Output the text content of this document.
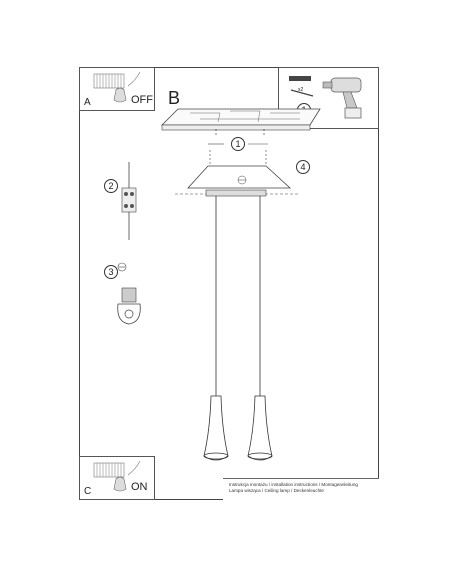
A	OFF B	x2
1
4
2
3
C	ON	Instrukcja montażu / installation instructions / Montageanleitung
Lampa wisząca / Ceiling lamp / Deckenleuchte
